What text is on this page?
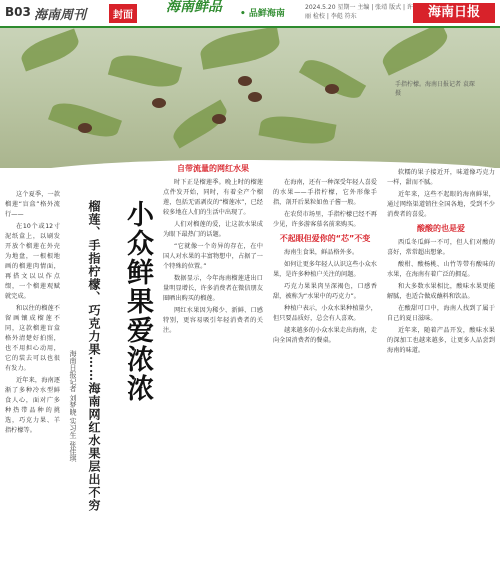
B03 海南周刊	封面
海南鲜品 • 品鲜海南
2024.5.20 星期一 主编 | 张靖 版式 | 许丽 检校 | 李彪 符东	海南日报
手指柠檬。海南日报记者 袁琛 摄

这个夏季，一款榴莲“盲盒”格外流行——

在10个或12寸泥纸盒上，以刷发开放个榴莲在外壳为地盘，一根根地画的榴莲肉情面，再搭文以以作点缀，一个榴莲观赋就完成。

和以往的榴莲不留画镶成榴莲不同，这款榴莲盲盒格外清楚好拍照，也不用担心动用，它的装去可以也很有发力。

近年来，海南逐渐了多种冷水型鲜食人心，面对广多种热带品种的挑选，巧克力果、羊指柠檬等。

小众鲜果爱浓浓
榴莲、手指柠檬、巧克力果……海南网红水果层出不穷
海南日报记者 刘梦晓 实习生 张佳琪
自带流量的网红水果

时下正是榴莲季。晚上时的榴莲点件发开始，同时，有着全产个榴莲，包括无需剥皮的“榴莲冰”，已经较多地在人们的生活中出现了。

人们对榴莲的爱，让这款水果成为眼下最热门的话题。

“它就像一个奇异的存在，在中国人对水果的丰富物想中，占据了一个特殊的位置。”

数据显示，今年海南榴莲进出口量明显增长，许多消费者在微信朋友圈晒出购买的榴莲。

网红水果因为稀少、新鲜、口感特别，更容易吸引年轻消费者的关注。

在海南，还有一种深受年轻人喜爱的水果——手指柠檬，它外形像手指，剖开后果粒如鱼子酱一般。

在农贸市场里，手指柠檬已经不再少见，许多游客慕名前来购买。

不起眼但爱你的“芯”不变

海南生食果，鲜品格外多。

如何让更多年轻人认识这些小众水果，是许多种植户关注的问题。

巧克力果果肉呈深褐色，口感香甜，被称为“水果中的巧克力”。

种植户表示，小众水果种植量少，但只要品质好，总会有人喜欢。

越来越多的小众水果走出海南，走向全国消费者的餐桌。

软糯的果子接近开，味道像巧克力一样，甜而不腻。

近年来，这些不起眼的海南鲜果，通过网络渠道销往全国各地，受到不少消费者的喜爱。

酸酸的也是爱

西瓜冬瓜鲜一不可，但人们对酸的喜好，常常超出想象。

酸柑、酸杨桃、山竹等带有酸味的水果，在海南有着广泛的拥趸。

和大多数水果相比，酸味水果更能解腻，也适合做成蘸料和饮品。

在酸甜可口中，海南人找到了属于自己的夏日滋味。

近年来，随着产品开发，酸味水果的深加工也越来越多，让更多人品尝到海南的味道。
